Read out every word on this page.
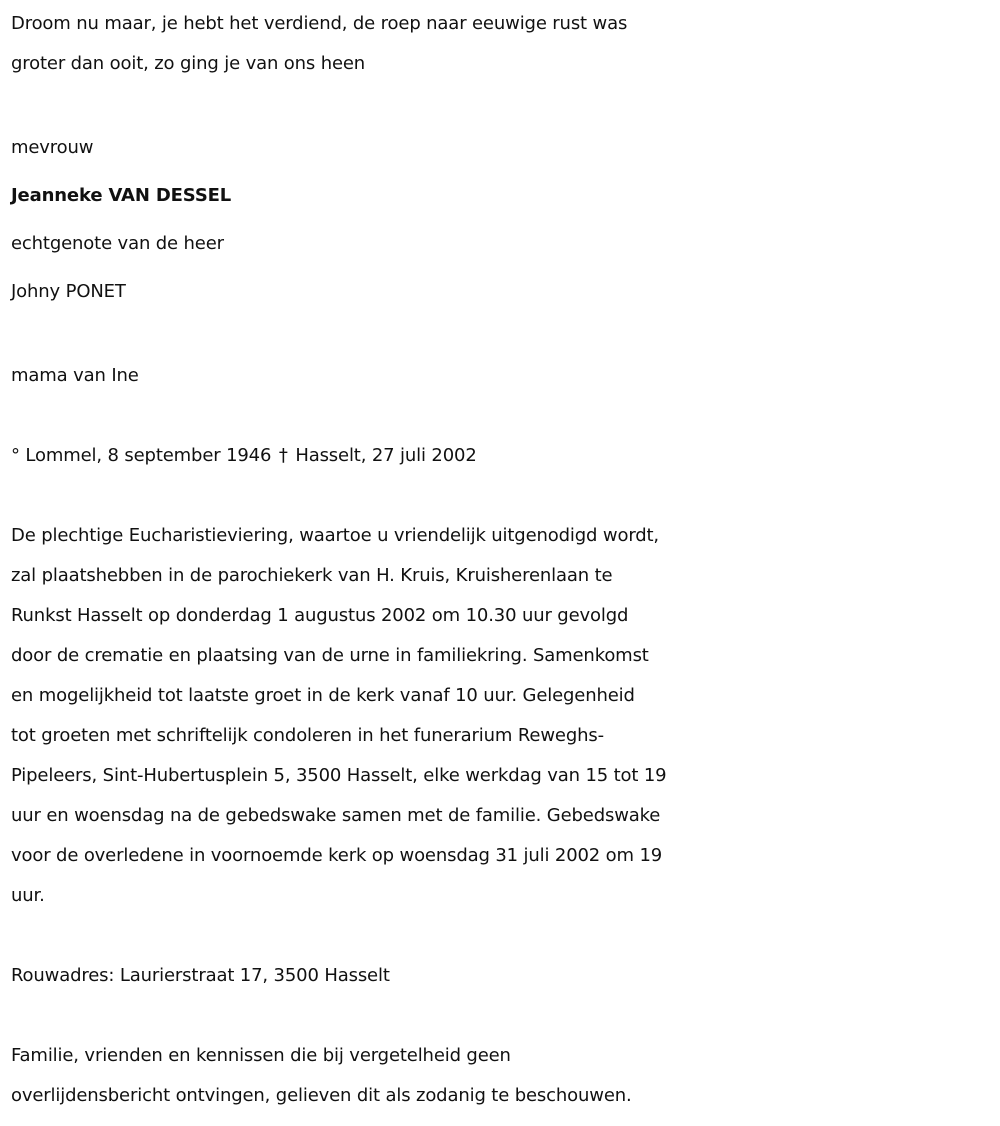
Droom nu maar, je hebt het verdiend, de roep naar eeuwige rust was

groter dan ooit, zo ging je van ons heen

mevrouw

Jeanneke VAN DESSEL

echtgenote van de heer

Johny PONET

mama van Ine

° Lommel, 8 september 1946 † Hasselt, 27 juli 2002

De plechtige Eucharistieviering, waartoe u vriendelijk uitgenodigd wordt,

zal plaatshebben in de parochiekerk van H. Kruis, Kruisherenlaan te

Runkst Hasselt op donderdag 1 augustus 2002 om 10.30 uur gevolgd

door de crematie en plaatsing van de urne in familiekring. Samenkomst

en mogelijkheid tot laatste groet in de kerk vanaf 10 uur. Gelegenheid

tot groeten met schriftelijk condoleren in het funerarium Reweghs-

Pipeleers, Sint-Hubertusplein 5, 3500 Hasselt, elke werkdag van 15 tot 19

uur en woensdag na de gebedswake samen met de familie. Gebedswake

voor de overledene in voornoemde kerk op woensdag 31 juli 2002 om 19

uur.

Rouwadres: Laurierstraat 17, 3500 Hasselt

Familie, vrienden en kennissen die bij vergetelheid geen

overlijdensbericht ontvingen, gelieven dit als zodanig te beschouwen.
